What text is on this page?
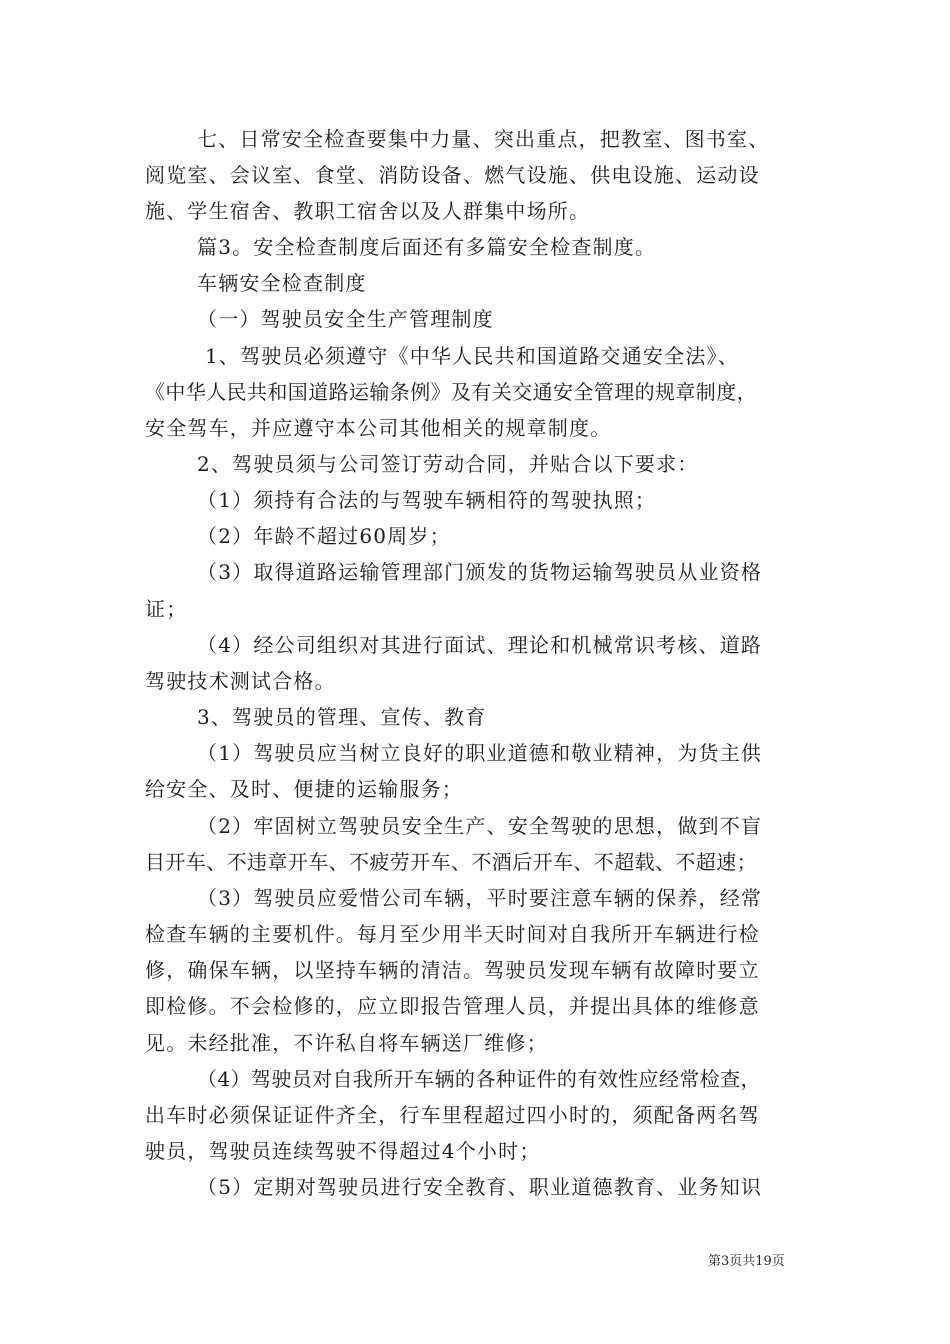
七、日常安全检查要集中力量、突出重点，把教室、图书室、
阅览室、会议室、食堂、消防设备、燃气设施、供电设施、运动设
施、学生宿舍、教职工宿舍以及人群集中场所。
篇3。安全检查制度后面还有多篇安全检查制度。
车辆安全检查制度
（一）驾驶员安全生产管理制度
1、驾驶员必须遵守《中华人民共和国道路交通安全法》、
《中华人民共和国道路运输条例》及有关交通安全管理的规章制度，
安全驾车，并应遵守本公司其他相关的规章制度。
2、驾驶员须与公司签订劳动合同，并贴合以下要求：
（1）须持有合法的与驾驶车辆相符的驾驶执照；
（2）年龄不超过60周岁；
（3）取得道路运输管理部门颁发的货物运输驾驶员从业资格
证；
（4）经公司组织对其进行面试、理论和机械常识考核、道路
驾驶技术测试合格。
3、驾驶员的管理、宣传、教育
（1）驾驶员应当树立良好的职业道德和敬业精神，为货主供
给安全、及时、便捷的运输服务；
（2）牢固树立驾驶员安全生产、安全驾驶的思想，做到不盲
目开车、不违章开车、不疲劳开车、不酒后开车、不超载、不超速；
（3）驾驶员应爱惜公司车辆，平时要注意车辆的保养，经常
检查车辆的主要机件。每月至少用半天时间对自我所开车辆进行检
修，确保车辆，以坚持车辆的清洁。驾驶员发现车辆有故障时要立
即检修。不会检修的，应立即报告管理人员，并提出具体的维修意
见。未经批准，不许私自将车辆送厂维修；
（4）驾驶员对自我所开车辆的各种证件的有效性应经常检查，
出车时必须保证证件齐全，行车里程超过四小时的，须配备两名驾
驶员，驾驶员连续驾驶不得超过4个小时；
（5）定期对驾驶员进行安全教育、职业道德教育、业务知识
第3页共19页
